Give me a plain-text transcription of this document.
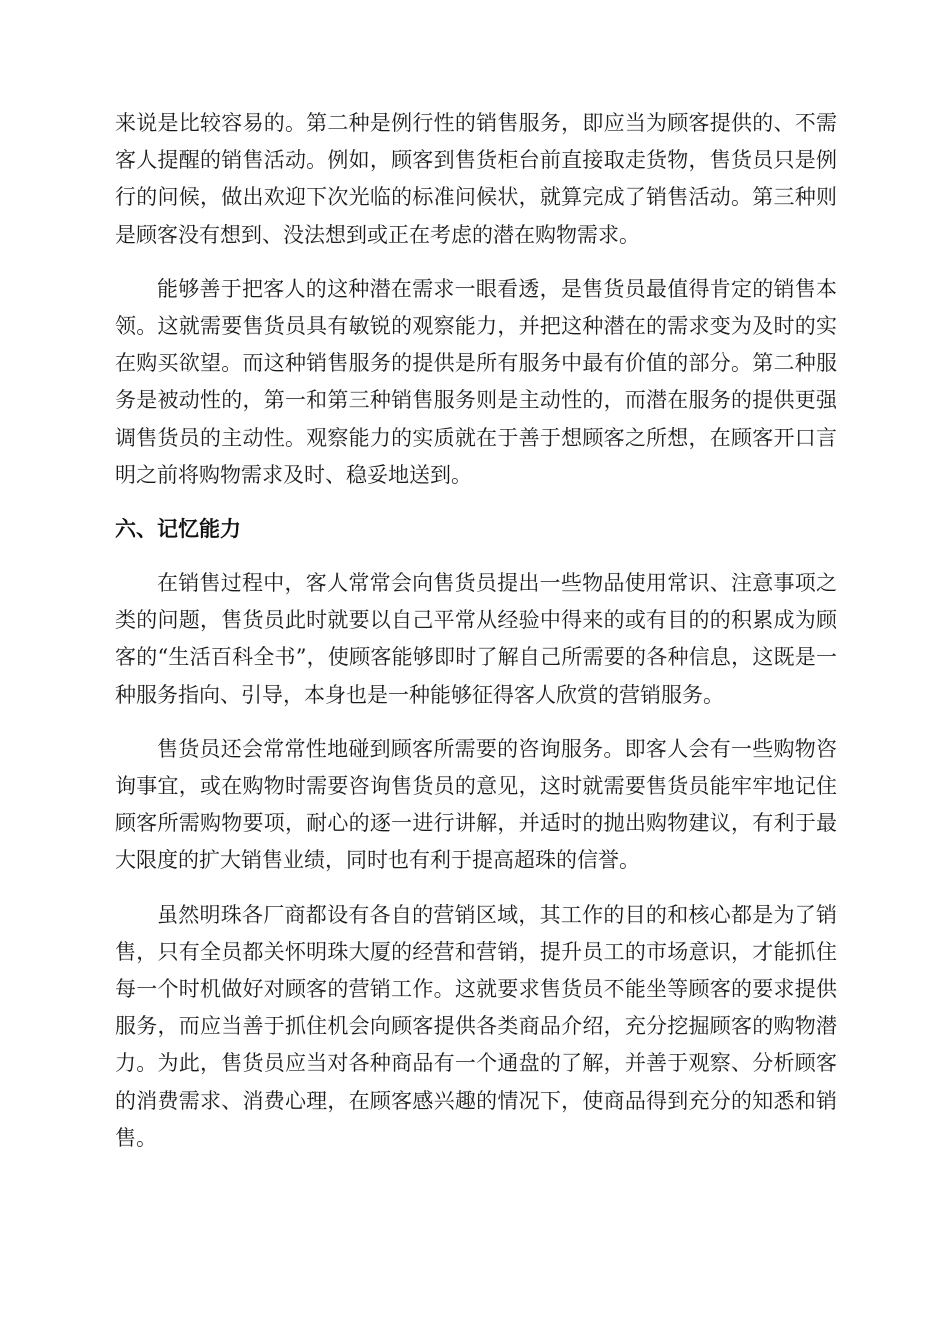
来说是比较容易的。第二种是例行性的销售服务，即应当为顾客提供的、不需客人提醒的销售活动。例如，顾客到售货柜台前直接取走货物，售货员只是例行的问候，做出欢迎下次光临的标准问候状，就算完成了销售活动。第三种则是顾客没有想到、没法想到或正在考虑的潜在购物需求。

能够善于把客人的这种潜在需求一眼看透，是售货员最值得肯定的销售本领。这就需要售货员具有敏锐的观察能力，并把这种潜在的需求变为及时的实在购买欲望。而这种销售服务的提供是所有服务中最有价值的部分。第二种服务是被动性的，第一和第三种销售服务则是主动性的，而潜在服务的提供更强调售货员的主动性。观察能力的实质就在于善于想顾客之所想，在顾客开口言明之前将购物需求及时、稳妥地送到。

六、记忆能力

在销售过程中，客人常常会向售货员提出一些物品使用常识、注意事项之类的问题，售货员此时就要以自己平常从经验中得来的或有目的的积累成为顾客的“生活百科全书”，使顾客能够即时了解自己所需要的各种信息，这既是一种服务指向、引导，本身也是一种能够征得客人欣赏的营销服务。

售货员还会常常性地碰到顾客所需要的咨询服务。即客人会有一些购物咨询事宜，或在购物时需要咨询售货员的意见，这时就需要售货员能牢牢地记住顾客所需购物要项，耐心的逐一进行讲解，并适时的抛出购物建议，有利于最大限度的扩大销售业绩，同时也有利于提高超珠的信誉。

虽然明珠各厂商都设有各自的营销区域，其工作的目的和核心都是为了销售，只有全员都关怀明珠大厦的经营和营销，提升员工的市场意识，才能抓住每一个时机做好对顾客的营销工作。这就要求售货员不能坐等顾客的要求提供服务，而应当善于抓住机会向顾客提供各类商品介绍，充分挖掘顾客的购物潜力。为此，售货员应当对各种商品有一个通盘的了解，并善于观察、分析顾客的消费需求、消费心理，在顾客感兴趣的情况下，使商品得到充分的知悉和销售。
